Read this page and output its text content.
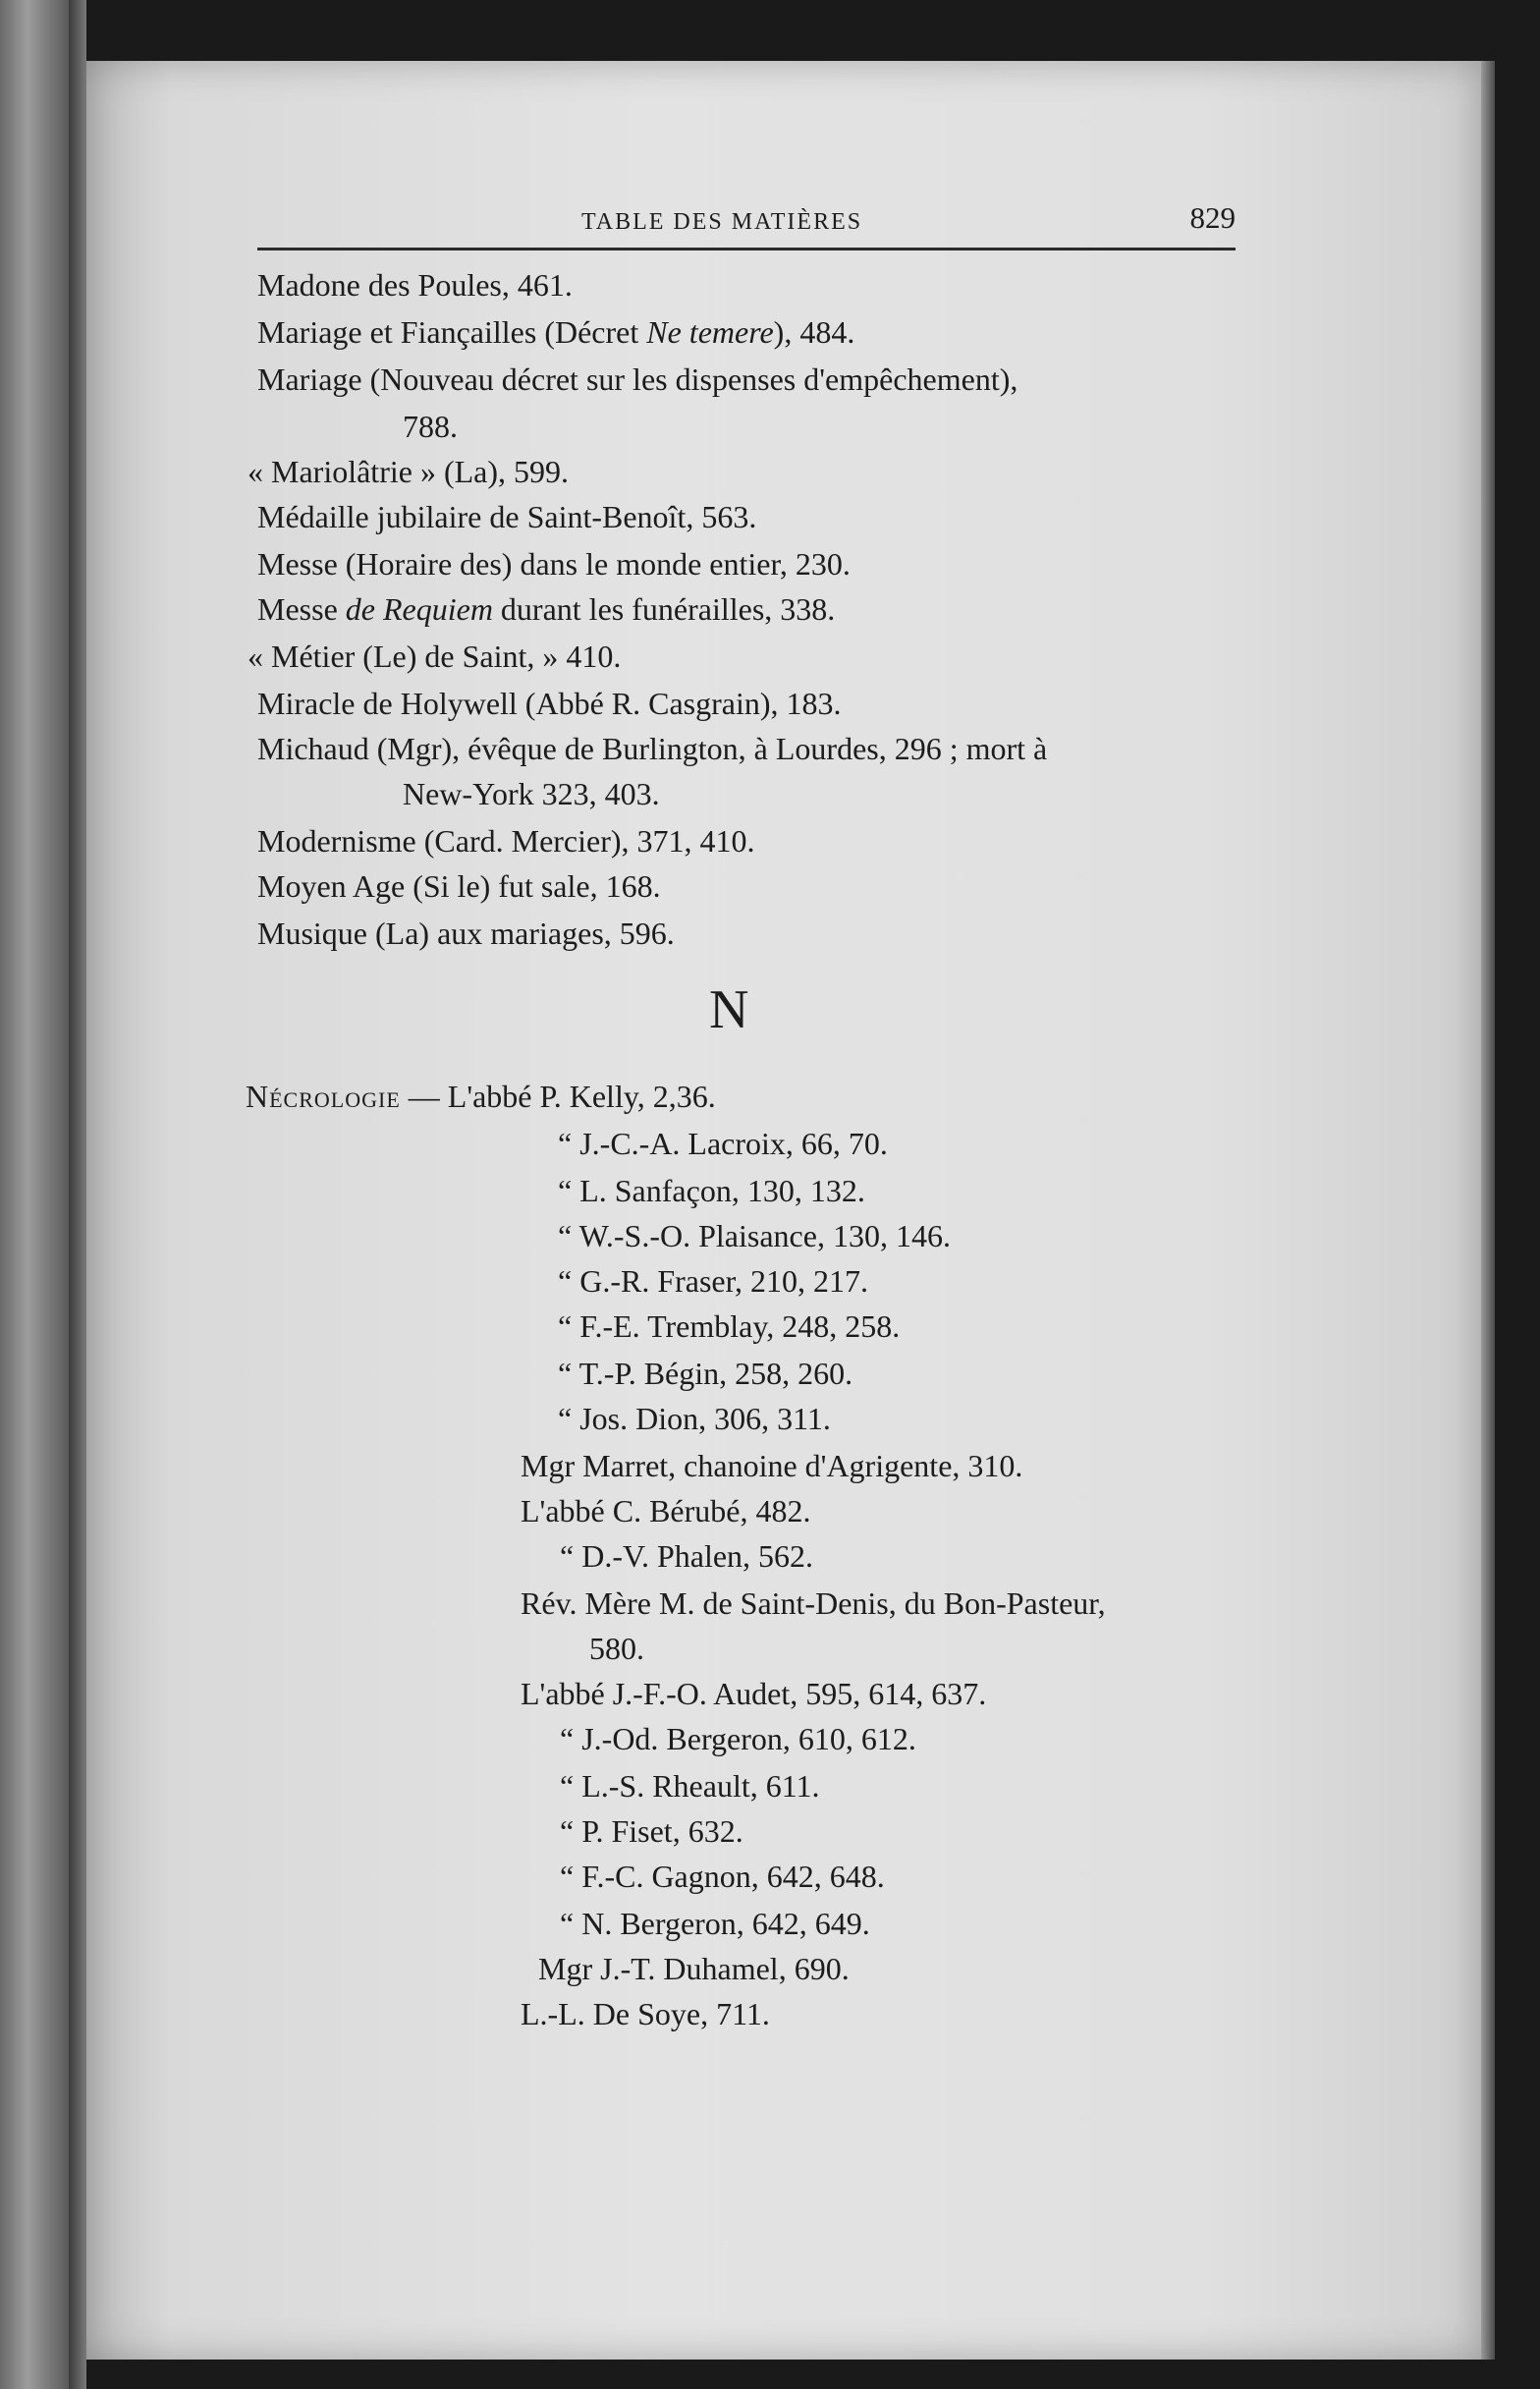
TABLE DES MATIÈRES	829
Madone des Poules, 461.
Mariage et Fiançailles (Décret Ne temere), 484.
Mariage (Nouveau décret sur les dispenses d'empêchement),
788.
« Mariolâtrie » (La), 599.
Médaille jubilaire de Saint-Benoît, 563.
Messe (Horaire des) dans le monde entier, 230.
Messe de Requiem durant les funérailles, 338.
« Métier (Le) de Saint, » 410.
Miracle de Holywell (Abbé R. Casgrain), 183.
Michaud (Mgr), évêque de Burlington, à Lourdes, 296 ; mort à
New-York 323, 403.
Modernisme (Card. Mercier), 371, 410.
Moyen Age (Si le) fut sale, 168.
Musique (La) aux mariages, 596.
N
Nécrologie — L'abbé P. Kelly, 2,36.
“ J.-C.-A. Lacroix, 66, 70.
“ L. Sanfaçon, 130, 132.
“ W.-S.-O. Plaisance, 130, 146.
“ G.-R. Fraser, 210, 217.
“ F.-E. Tremblay, 248, 258.
“ T.-P. Bégin, 258, 260.
“ Jos. Dion, 306, 311.
Mgr Marret, chanoine d'Agrigente, 310.
L'abbé C. Bérubé, 482.
“ D.-V. Phalen, 562.
Rév. Mère M. de Saint-Denis, du Bon-Pasteur,
580.
L'abbé J.-F.-O. Audet, 595, 614, 637.
“ J.-Od. Bergeron, 610, 612.
“ L.-S. Rheault, 611.
“ P. Fiset, 632.
“ F.-C. Gagnon, 642, 648.
“ N. Bergeron, 642, 649.
Mgr J.-T. Duhamel, 690.
L.-L. De Soye, 711.
